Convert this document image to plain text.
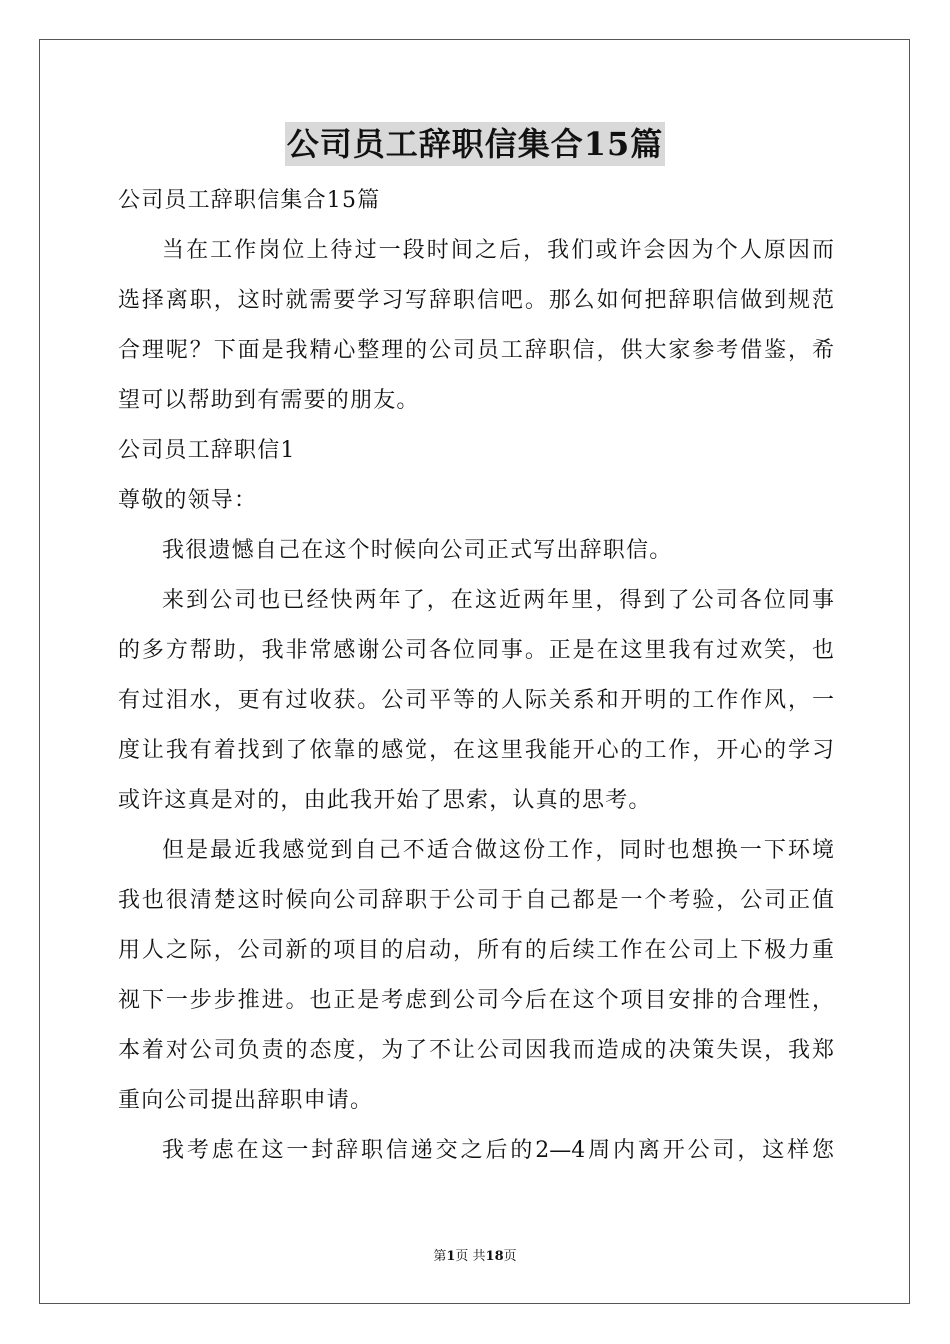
公司员工辞职信集合15篇
公司员工辞职信集合15篇
当在工作岗位上待过一段时间之后，我们或许会因为个人原因而
选择离职，这时就需要学习写辞职信吧。那么如何把辞职信做到规范
合理呢？下面是我精心整理的公司员工辞职信，供大家参考借鉴，希
望可以帮助到有需要的朋友。
公司员工辞职信1
尊敬的领导：
我很遗憾自己在这个时候向公司正式写出辞职信。
来到公司也已经快两年了，在这近两年里，得到了公司各位同事
的多方帮助，我非常感谢公司各位同事。正是在这里我有过欢笑，也
有过泪水，更有过收获。公司平等的人际关系和开明的工作作风，一
度让我有着找到了依靠的感觉，在这里我能开心的工作，开心的学习
或许这真是对的，由此我开始了思索，认真的思考。
但是最近我感觉到自己不适合做这份工作，同时也想换一下环境
我也很清楚这时候向公司辞职于公司于自己都是一个考验，公司正值
用人之际，公司新的项目的启动，所有的后续工作在公司上下极力重
视下一步步推进。也正是考虑到公司今后在这个项目安排的合理性，
本着对公司负责的态度，为了不让公司因我而造成的决策失误，我郑
重向公司提出辞职申请。
我考虑在这一封辞职信递交之后的2—4周内离开公司，这样您
第1页 共18页
